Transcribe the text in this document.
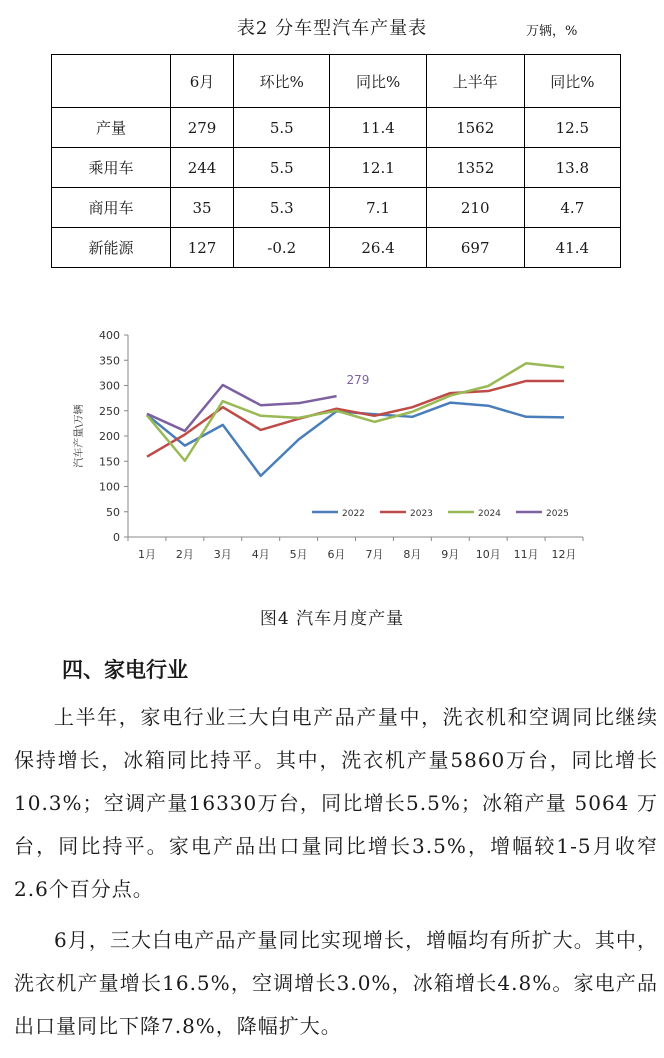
表2 分车型汽车产量表	万辆，%
	6月	环比%	同比%	上半年	同比%
产量	279	5.5	11.4	1562	12.5
乘用车	244	5.5	12.1	1352	13.8
商用车	35	5.3	7.1	210	4.7
新能源	127	-0.2	26.4	697	41.4
0
50
100
150
200
250
300
350
400
1月 2月 3月 4月 5月 6月 7月 8月 9月 10月 11月 12月
汽车产量\万辆
279
2022	2023	2024	2025
图4 汽车月度产量
四、家电行业
上半年，家电行业三大白电产品产量中，洗衣机和空调同比继续保持增长，冰箱同比持平。其中，洗衣机产量5860万台，同比增长10.3%；空调产量16330万台，同比增长5.5%；冰箱产量 5064 万台，同比持平。家电产品出口量同比增长3.5%，增幅较1-5月收窄2.6个百分点。
6月，三大白电产品产量同比实现增长，增幅均有所扩大。其中，洗衣机产量增长16.5%，空调增长3.0%，冰箱增长4.8%。家电产品出口量同比下降7.8%，降幅扩大。
